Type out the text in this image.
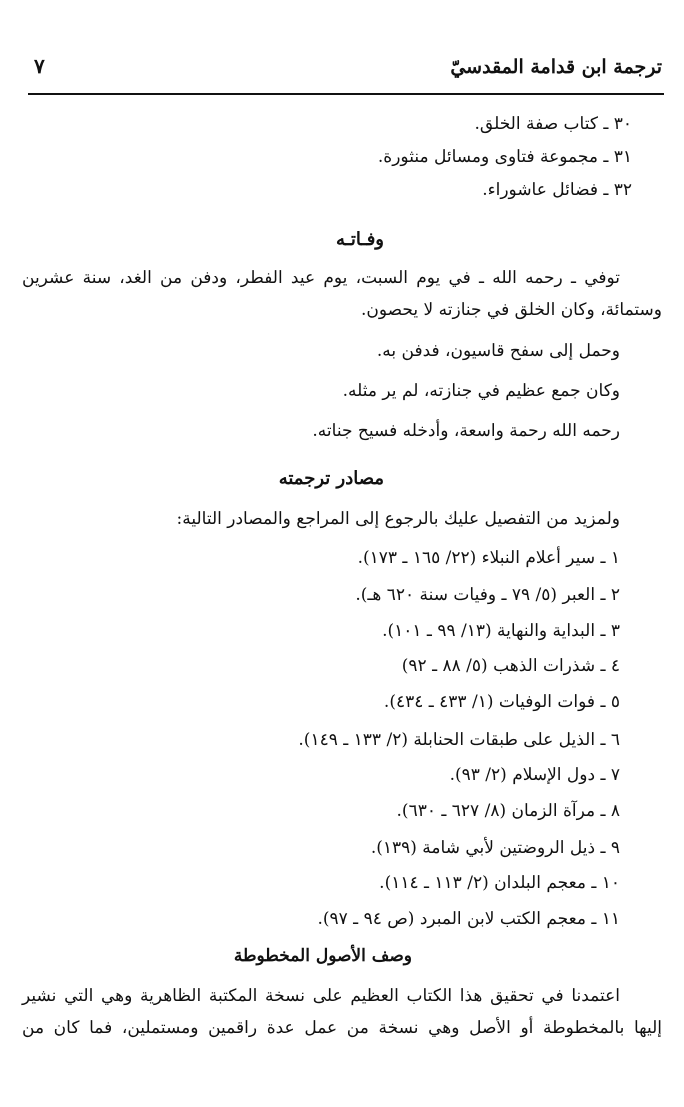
ترجمة ابن قدامة المقدسيّ
٧
٣٠ ـ كتاب صفة الخلق.
٣١ ـ مجموعة فتاوى ومسائل منثورة.
٣٢ ـ فضائل عاشوراء.
وفـاتـه
توفي ـ رحمه الله ـ في يوم السبت، يوم عيد الفطر، ودفن من الغد، سنة عشرين
وستمائة، وكان الخلق في جنازته لا يحصون.
وحمل إلى سفح قاسيون، فدفن به.
وكان جمع عظيم في جنازته، لم ير مثله.
رحمه الله رحمة واسعة، وأدخله فسيح جناته.
مصادر ترجمته
ولمزيد من التفصيل عليك بالرجوع إلى المراجع والمصادر التالية:
١ ـ سير أعلام النبلاء (٢٢/ ١٦٥ ـ ١٧٣).
٢ ـ العبر (٥/ ٧٩ ـ وفيات سنة ٦٢٠ هـ).
٣ ـ البداية والنهاية (١٣/ ٩٩ ـ ١٠١).
٤ ـ شذرات الذهب (٥/ ٨٨ ـ ٩٢)
٥ ـ فوات الوفيات (١/ ٤٣٣ ـ ٤٣٤).
٦ ـ الذيل على طبقات الحنابلة (٢/ ١٣٣ ـ ١٤٩).
٧ ـ دول الإسلام (٢/ ٩٣).
٨ ـ مرآة الزمان (٨/ ٦٢٧ ـ ٦٣٠).
٩ ـ ذيل الروضتين لأبي شامة (١٣٩).
١٠ ـ معجم البلدان (٢/ ١١٣ ـ ١١٤).
١١ ـ معجم الكتب لابن المبرد (ص ٩٤ ـ ٩٧).
وصف الأصول المخطوطة
اعتمدنا في تحقيق هذا الكتاب العظيم على نسخة المكتبة الظاهرية وهي التي نشير
إليها بالمخطوطة أو الأصل وهي نسخة من عمل عدة راقمين ومستملين، فما كان من
